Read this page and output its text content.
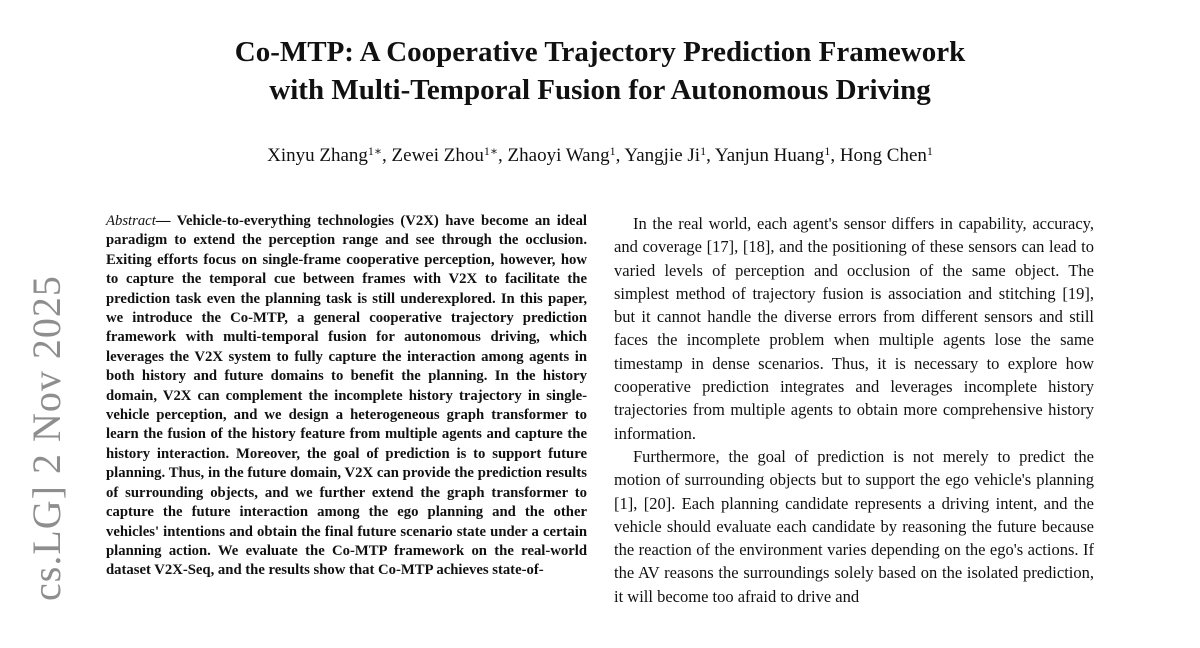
cs.LG] 2 Nov 2025
Co-MTP: A Cooperative Trajectory Prediction Framework
with Multi-Temporal Fusion for Autonomous Driving
Xinyu Zhang$^{1∗}$, Zewei Zhou$^{1∗}$, Zhaoyi Wang$^1$, Yangjie Ji$^1$, Yanjun Huang$^1$, Hong Chen$^1$
Abstract— Vehicle-to-everything technologies (V2X) have become an ideal paradigm to extend the perception range and see through the occlusion. Exiting efforts focus on single-frame cooperative perception, however, how to capture the temporal cue between frames with V2X to facilitate the prediction task even the planning task is still underexplored. In this paper, we introduce the Co-MTP, a general cooperative trajectory prediction framework with multi-temporal fusion for autonomous driving, which leverages the V2X system to fully capture the interaction among agents in both history and future domains to benefit the planning. In the history domain, V2X can complement the incomplete history trajectory in single-vehicle perception, and we design a heterogeneous graph transformer to learn the fusion of the history feature from multiple agents and capture the history interaction. Moreover, the goal of prediction is to support future planning. Thus, in the future domain, V2X can provide the prediction results of surrounding objects, and we further extend the graph transformer to capture the future interaction among the ego planning and the other vehicles' intentions and obtain the final future scenario state under a certain planning action. We evaluate the Co-MTP framework on the real-world dataset V2X-Seq, and the results show that Co-MTP achieves state-of-

In the real world, each agent's sensor differs in capability, accuracy, and coverage [17], [18], and the positioning of these sensors can lead to varied levels of perception and occlusion of the same object. The simplest method of trajectory fusion is association and stitching [19], but it cannot handle the diverse errors from different sensors and still faces the incomplete problem when multiple agents lose the same timestamp in dense scenarios. Thus, it is necessary to explore how cooperative prediction integrates and leverages incomplete history trajectories from multiple agents to obtain more comprehensive history information.

Furthermore, the goal of prediction is not merely to predict the motion of surrounding objects but to support the ego vehicle's planning [1], [20]. Each planning candidate represents a driving intent, and the vehicle should evaluate each candidate by reasoning the future because the reaction of the environment varies depending on the ego's actions. If the AV reasons the surroundings solely based on the isolated prediction, it will become too afraid to drive and
